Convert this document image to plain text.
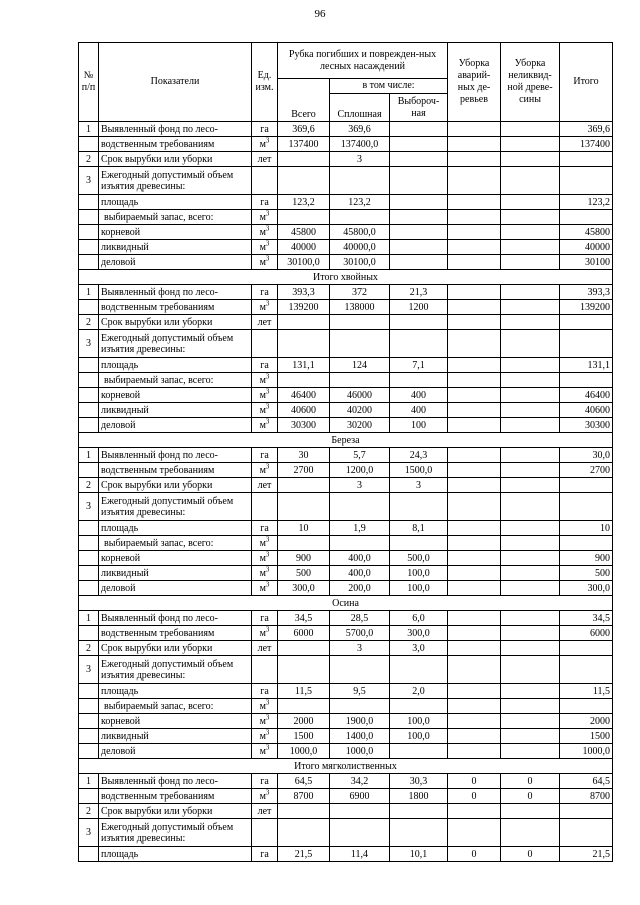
96
№ п/п	Показатели	Ед. изм.	Рубка погибших и поврежден-ных лесных насаждений			Уборка аварий-ных де-ревьев	Уборка неликвид-ной древе-сины	Итого
			Всего	в том числе:				
				Сплошная	Выбороч-ная			
1	Выявленный фонд по лесо-	га	369,6	369,6				369,6
	водственным требованиям	$м^3$	137400	137400,0				137400
2	Срок вырубки или уборки	лет		3				
3	Ежегодный допустимый объем изъятия древесины:							
	площадь	га	123,2	123,2				123,2
	выбираемый запас, всего:	$м^3$						
	корневой	$м^3$	45800	45800,0				45800
	ликвидный	$м^3$	40000	40000,0				40000
	деловой	$м^3$	30100,0	30100,0				30100
Итого хвойных								
1	Выявленный фонд по лесо-	га	393,3	372	21,3			393,3
	водственным требованиям	$м^3$	139200	138000	1200			139200
2	Срок вырубки или уборки	лет						
3	Ежегодный допустимый объем изъятия древесины:							
	площадь	га	131,1	124	7,1			131,1
	выбираемый запас, всего:	$м^3$						
	корневой	$м^3$	46400	46000	400			46400
	ликвидный	$м^3$	40600	40200	400			40600
	деловой	$м^3$	30300	30200	100			30300
Береза								
1	Выявленный фонд по лесо-	га	30	5,7	24,3			30,0
	водственным требованиям	$м^3$	2700	1200,0	1500,0			2700
2	Срок вырубки или уборки	лет		3	3			
3	Ежегодный допустимый объем изъятия древесины:							
	площадь	га	10	1,9	8,1			10
	выбираемый запас, всего:	$м^3$						
	корневой	$м^3$	900	400,0	500,0			900
	ликвидный	$м^3$	500	400,0	100,0			500
	деловой	$м^3$	300,0	200,0	100,0			300,0
Осина								
1	Выявленный фонд по лесо-	га	34,5	28,5	6,0			34,5
	водственным требованиям	$м^3$	6000	5700,0	300,0			6000
2	Срок вырубки или уборки	лет		3	3,0			
3	Ежегодный допустимый объем изъятия древесины:							
	площадь	га	11,5	9,5	2,0			11,5
	выбираемый запас, всего:	$м^3$						
	корневой	$м^3$	2000	1900,0	100,0			2000
	ликвидный	$м^3$	1500	1400,0	100,0			1500
	деловой	$м^3$	1000,0	1000,0				1000,0
Итого мягколиственных								
1	Выявленный фонд по лесо-	га	64,5	34,2	30,3	0	0	64,5
	водственным требованиям	$м^3$	8700	6900	1800	0	0	8700
2	Срок вырубки или уборки	лет						
3	Ежегодный допустимый объем изъятия древесины:							
	площадь	га	21,5	11,4	10,1	0	0	21,5
